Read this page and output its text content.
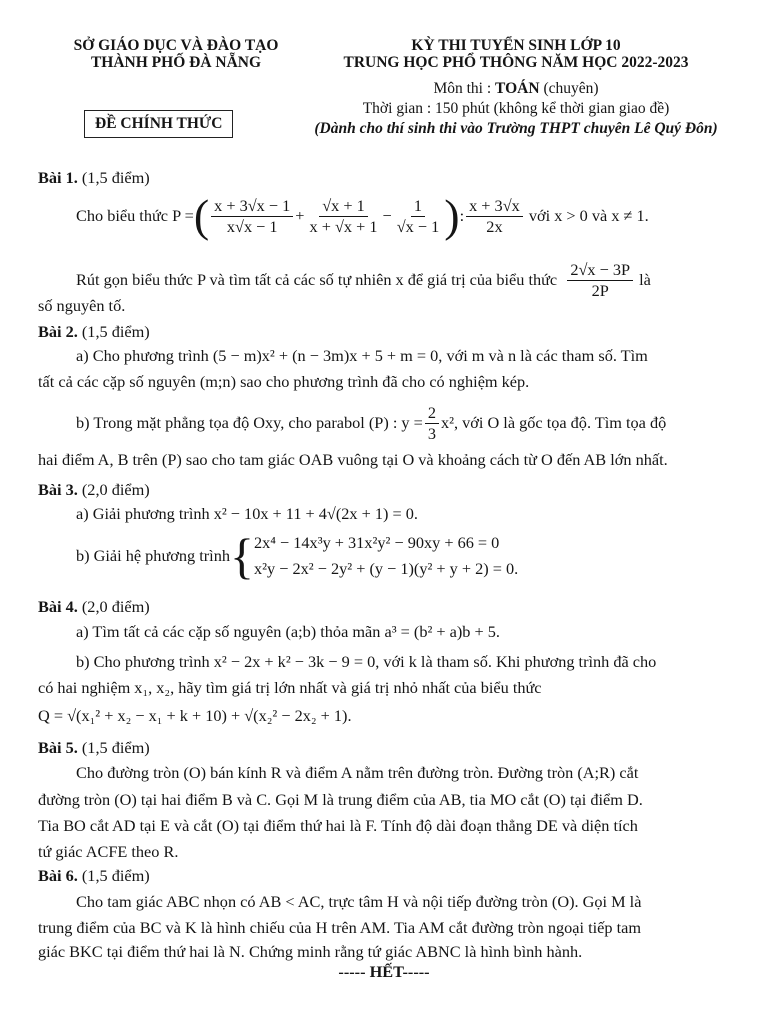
SỞ GIÁO DỤC VÀ ĐÀO TẠO
THÀNH PHỐ ĐÀ NẴNG
KỲ THI TUYỂN SINH LỚP 10
TRUNG HỌC PHỔ THÔNG NĂM HỌC 2022-2023
ĐỀ CHÍNH THỨC
Môn thi : TOÁN (chuyên)
Thời gian : 150 phút (không kể thời gian giao đề)
(Dành cho thí sinh thi vào Trường THPT chuyên Lê Quý Đôn)
Bài 1. (1,5 điểm)
Cho biểu thức
P = ( $\frac{x + 3√x - 1}{x√x - 1} + \frac{√x + 1}{x + √x + 1} - \frac{1}{√x - 1}$ ) : $\frac{x + 3√x}{2x}$
với x > 0 và x ≠ 1.
Rút gọn biểu thức P và tìm tất cả các số tự nhiên x để giá trị của biểu thức
$\frac{2√x - 3P}{2P}$
là
số nguyên tố.
Bài 2. (1,5 điểm)
a) Cho phương trình (5 − m)x² + (n − 3m)x + 5 + m = 0, với m và n là các tham số. Tìm
tất cả các cặp số nguyên (m;n) sao cho phương trình đã cho có nghiệm kép.
b) Trong mặt phẳng tọa độ Oxy, cho parabol (P) : $y = \frac{2}{3} x^2$, với O là gốc tọa độ. Tìm tọa độ
hai điểm A, B trên (P) sao cho tam giác OAB vuông tại O và khoảng cách từ O đến AB lớn nhất.
Bài 3. (2,0 điểm)
a) Giải phương trình x² − 10x + 11 + 4√(2x + 1) = 0.
b) Giải hệ phương trình { 2x⁴ − 14x³y + 31x²y² − 90xy + 66 = 0
x²y − 2x² − 2y² + (y − 1)(y² + y + 2) = 0.
Bài 4. (2,0 điểm)
a) Tìm tất cả các cặp số nguyên (a;b) thỏa mãn a³ = (b² + a)b + 5.
b) Cho phương trình x² − 2x + k² − 3k − 9 = 0, với k là tham số. Khi phương trình đã cho
có hai nghiệm x₁, x₂, hãy tìm giá trị lớn nhất và giá trị nhỏ nhất của biểu thức
Q = √(x₁² + x₂ − x₁ + k + 10) + √(x₂² − 2x₂ + 1).
Bài 5. (1,5 điểm)
Cho đường tròn (O) bán kính R và điểm A nằm trên đường tròn. Đường tròn (A;R) cắt
đường tròn (O) tại hai điểm B và C. Gọi M là trung điểm của AB, tia MO cắt (O) tại điểm D.
Tia BO cắt AD tại E và cắt (O) tại điểm thứ hai là F. Tính độ dài đoạn thẳng DE và diện tích
tứ giác ACFE theo R.
Bài 6. (1,5 điểm)
Cho tam giác ABC nhọn có AB < AC, trực tâm H và nội tiếp đường tròn (O). Gọi M là
trung điểm của BC và K là hình chiếu của H trên AM. Tia AM cắt đường tròn ngoại tiếp tam
giác BKC tại điểm thứ hai là N. Chứng minh rằng tứ giác ABNC là hình bình hành.
----- HẾT-----
